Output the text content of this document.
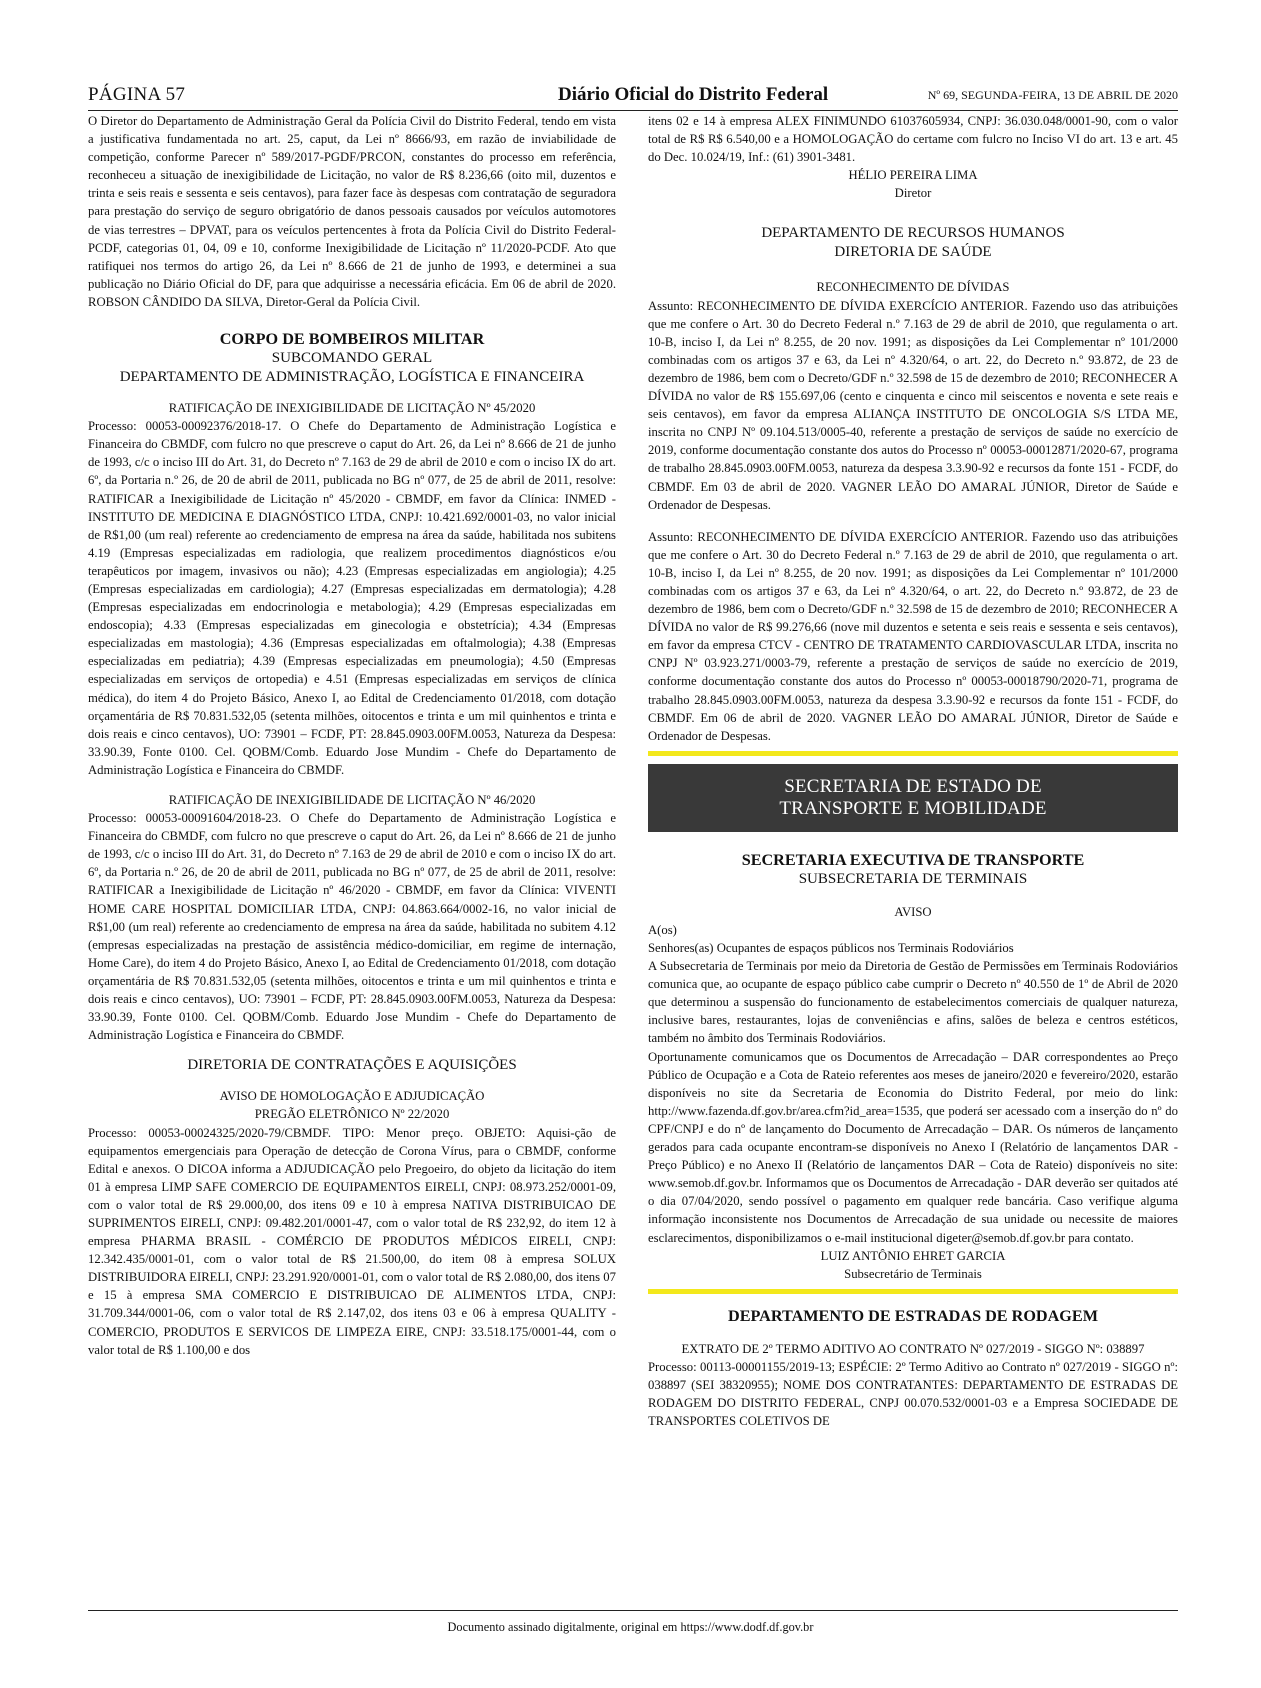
PÁGINA 57	Diário Oficial do Distrito Federal	Nº 69, SEGUNDA-FEIRA, 13 DE ABRIL DE 2020

O Diretor do Departamento de Administração Geral da Polícia Civil do Distrito Federal, tendo em vista a justificativa fundamentada no art. 25, caput, da Lei nº 8666/93, em razão de inviabilidade de competição, conforme Parecer nº 589/2017-PGDF/PRCON, constantes do processo em referência, reconheceu a situação de inexigibilidade de Licitação, no valor de R$ 8.236,66 (oito mil, duzentos e trinta e seis reais e sessenta e seis centavos), para fazer face às despesas com contratação de seguradora para prestação do serviço de seguro obrigatório de danos pessoais causados por veículos automotores de vias terrestres – DPVAT, para os veículos pertencentes à frota da Polícia Civil do Distrito Federal-PCDF, categorias 01, 04, 09 e 10, conforme Inexigibilidade de Licitação nº 11/2020-PCDF. Ato que ratifiquei nos termos do artigo 26, da Lei nº 8.666 de 21 de junho de 1993, e determinei a sua publicação no Diário Oficial do DF, para que adquirisse a necessária eficácia. Em 06 de abril de 2020. ROBSON CÂNDIDO DA SILVA, Diretor-Geral da Polícia Civil.

CORPO DE BOMBEIROS MILITAR
SUBCOMANDO GERAL
DEPARTAMENTO DE ADMINISTRAÇÃO, LOGÍSTICA E FINANCEIRA
RATIFICAÇÃO DE INEXIGIBILIDADE DE LICITAÇÃO Nº 45/2020

Processo: 00053-00092376/2018-17. O Chefe do Departamento de Administração Logística e Financeira do CBMDF, com fulcro no que prescreve o caput do Art. 26, da Lei nº 8.666 de 21 de junho de 1993, c/c o inciso III do Art. 31, do Decreto nº 7.163 de 29 de abril de 2010 e com o inciso IX do art. 6º, da Portaria n.º 26, de 20 de abril de 2011, publicada no BG nº 077, de 25 de abril de 2011, resolve: RATIFICAR a Inexigibilidade de Licitação nº 45/2020 - CBMDF, em favor da Clínica: INMED - INSTITUTO DE MEDICINA E DIAGNÓSTICO LTDA, CNPJ: 10.421.692/0001-03, no valor inicial de R$1,00 (um real) referente ao credenciamento de empresa na área da saúde, habilitada nos subitens 4.19 (Empresas especializadas em radiologia, que realizem procedimentos diagnósticos e/ou terapêuticos por imagem, invasivos ou não); 4.23 (Empresas especializadas em angiologia); 4.25 (Empresas especializadas em cardiologia); 4.27 (Empresas especializadas em dermatologia); 4.28 (Empresas especializadas em endocrinologia e metabologia); 4.29 (Empresas especializadas em endoscopia); 4.33 (Empresas especializadas em ginecologia e obstetrícia); 4.34 (Empresas especializadas em mastologia); 4.36 (Empresas especializadas em oftalmologia); 4.38 (Empresas especializadas em pediatria); 4.39 (Empresas especializadas em pneumologia); 4.50 (Empresas especializadas em serviços de ortopedia) e 4.51 (Empresas especializadas em serviços de clínica médica), do item 4 do Projeto Básico, Anexo I, ao Edital de Credenciamento 01/2018, com dotação orçamentária de R$ 70.831.532,05 (setenta milhões, oitocentos e trinta e um mil quinhentos e trinta e dois reais e cinco centavos), UO: 73901 – FCDF, PT: 28.845.0903.00FM.0053, Natureza da Despesa: 33.90.39, Fonte 0100. Cel. QOBM/Comb. Eduardo Jose Mundim - Chefe do Departamento de Administração Logística e Financeira do CBMDF.

RATIFICAÇÃO DE INEXIGIBILIDADE DE LICITAÇÃO Nº 46/2020

Processo: 00053-00091604/2018-23. O Chefe do Departamento de Administração Logística e Financeira do CBMDF, com fulcro no que prescreve o caput do Art. 26, da Lei nº 8.666 de 21 de junho de 1993, c/c o inciso III do Art. 31, do Decreto nº 7.163 de 29 de abril de 2010 e com o inciso IX do art. 6º, da Portaria n.º 26, de 20 de abril de 2011, publicada no BG nº 077, de 25 de abril de 2011, resolve: RATIFICAR a Inexigibilidade de Licitação nº 46/2020 - CBMDF, em favor da Clínica: VIVENTI HOME CARE HOSPITAL DOMICILIAR LTDA, CNPJ: 04.863.664/0002-16, no valor inicial de R$1,00 (um real) referente ao credenciamento de empresa na área da saúde, habilitada no subitem 4.12 (empresas especializadas na prestação de assistência médico-domiciliar, em regime de internação, Home Care), do item 4 do Projeto Básico, Anexo I, ao Edital de Credenciamento 01/2018, com dotação orçamentária de R$ 70.831.532,05 (setenta milhões, oitocentos e trinta e um mil quinhentos e trinta e dois reais e cinco centavos), UO: 73901 – FCDF, PT: 28.845.0903.00FM.0053, Natureza da Despesa: 33.90.39, Fonte 0100. Cel. QOBM/Comb. Eduardo Jose Mundim - Chefe do Departamento de Administração Logística e Financeira do CBMDF.

DIRETORIA DE CONTRATAÇÕES E AQUISIÇÕES
AVISO DE HOMOLOGAÇÃO E ADJUDICAÇÃO
PREGÃO ELETRÔNICO Nº 22/2020

Processo: 00053-00024325/2020-79/CBMDF. TIPO: Menor preço. OBJETO: Aquisi-ção de equipamentos emergenciais para Operação de detecção de Corona Vírus, para o CBMDF, conforme Edital e anexos. O DICOA informa a ADJUDICAÇÃO pelo Pregoeiro, do objeto da licitação do item 01 à empresa LIMP SAFE COMERCIO DE EQUIPAMENTOS EIRELI, CNPJ: 08.973.252/0001-09, com o valor total de R$ 29.000,00, dos itens 09 e 10 à empresa NATIVA DISTRIBUICAO DE SUPRIMENTOS EIRELI, CNPJ: 09.482.201/0001-47, com o valor total de R$ 232,92, do item 12 à empresa PHARMA BRASIL - COMÉRCIO DE PRODUTOS MÉDICOS EIRELI, CNPJ: 12.342.435/0001-01, com o valor total de R$ 21.500,00, do item 08 à empresa SOLUX DISTRIBUIDORA EIRELI, CNPJ: 23.291.920/0001-01, com o valor total de R$ 2.080,00, dos itens 07 e 15 à empresa SMA COMERCIO E DISTRIBUICAO DE ALIMENTOS LTDA, CNPJ: 31.709.344/0001-06, com o valor total de R$ 2.147,02, dos itens 03 e 06 à empresa QUALITY - COMERCIO, PRODUTOS E SERVICOS DE LIMPEZA EIRE, CNPJ: 33.518.175/0001-44, com o valor total de R$ 1.100,00 e dos

itens 02 e 14 à empresa ALEX FINIMUNDO 61037605934, CNPJ: 36.030.048/0001-90, com o valor total de R$ R$ 6.540,00 e a HOMOLOGAÇÃO do certame com fulcro no Inciso VI do art. 13 e art. 45 do Dec. 10.024/19, Inf.: (61) 3901-3481.

HÉLIO PEREIRA LIMA
Diretor
DEPARTAMENTO DE RECURSOS HUMANOS
DIRETORIA DE SAÚDE
RECONHECIMENTO DE DÍVIDAS

Assunto: RECONHECIMENTO DE DÍVIDA EXERCÍCIO ANTERIOR. Fazendo uso das atribuições que me confere o Art. 30 do Decreto Federal n.º 7.163 de 29 de abril de 2010, que regulamenta o art. 10-B, inciso I, da Lei nº 8.255, de 20 nov. 1991; as disposições da Lei Complementar nº 101/2000 combinadas com os artigos 37 e 63, da Lei nº 4.320/64, o art. 22, do Decreto n.º 93.872, de 23 de dezembro de 1986, bem com o Decreto/GDF n.º 32.598 de 15 de dezembro de 2010; RECONHECER A DÍVIDA no valor de R$ 155.697,06 (cento e cinquenta e cinco mil seiscentos e noventa e sete reais e seis centavos), em favor da empresa ALIANÇA INSTITUTO DE ONCOLOGIA S/S LTDA ME, inscrita no CNPJ Nº 09.104.513/0005-40, referente a prestação de serviços de saúde no exercício de 2019, conforme documentação constante dos autos do Processo nº 00053-00012871/2020-67, programa de trabalho 28.845.0903.00FM.0053, natureza da despesa 3.3.90-92 e recursos da fonte 151 - FCDF, do CBMDF. Em 03 de abril de 2020. VAGNER LEÃO DO AMARAL JÚNIOR, Diretor de Saúde e Ordenador de Despesas.

Assunto: RECONHECIMENTO DE DÍVIDA EXERCÍCIO ANTERIOR. Fazendo uso das atribuições que me confere o Art. 30 do Decreto Federal n.º 7.163 de 29 de abril de 2010, que regulamenta o art. 10-B, inciso I, da Lei nº 8.255, de 20 nov. 1991; as disposições da Lei Complementar nº 101/2000 combinadas com os artigos 37 e 63, da Lei nº 4.320/64, o art. 22, do Decreto n.º 93.872, de 23 de dezembro de 1986, bem com o Decreto/GDF n.º 32.598 de 15 de dezembro de 2010; RECONHECER A DÍVIDA no valor de R$ 99.276,66 (nove mil duzentos e setenta e seis reais e sessenta e seis centavos), em favor da empresa CTCV - CENTRO DE TRATAMENTO CARDIOVASCULAR LTDA, inscrita no CNPJ Nº 03.923.271/0003-79, referente a prestação de serviços de saúde no exercício de 2019, conforme documentação constante dos autos do Processo nº 00053-00018790/2020-71, programa de trabalho 28.845.0903.00FM.0053, natureza da despesa 3.3.90-92 e recursos da fonte 151 - FCDF, do CBMDF. Em 06 de abril de 2020. VAGNER LEÃO DO AMARAL JÚNIOR, Diretor de Saúde e Ordenador de Despesas.

SECRETARIA DE ESTADO DE
TRANSPORTE E MOBILIDADE
SECRETARIA EXECUTIVA DE TRANSPORTE
SUBSECRETARIA DE TERMINAIS
AVISO

A(os)

Senhores(as) Ocupantes de espaços públicos nos Terminais Rodoviários

A Subsecretaria de Terminais por meio da Diretoria de Gestão de Permissões em Terminais Rodoviários comunica que, ao ocupante de espaço público cabe cumprir o Decreto nº 40.550 de 1º de Abril de 2020 que determinou a suspensão do funcionamento de estabelecimentos comerciais de qualquer natureza, inclusive bares, restaurantes, lojas de conveniências e afins, salões de beleza e centros estéticos, também no âmbito dos Terminais Rodoviários.

Oportunamente comunicamos que os Documentos de Arrecadação – DAR correspondentes ao Preço Público de Ocupação e a Cota de Rateio referentes aos meses de janeiro/2020 e fevereiro/2020, estarão disponíveis no site da Secretaria de Economia do Distrito Federal, por meio do link: http://www.fazenda.df.gov.br/area.cfm?id_area=1535, que poderá ser acessado com a inserção do nº do CPF/CNPJ e do nº de lançamento do Documento de Arrecadação – DAR. Os números de lançamento gerados para cada ocupante encontram-se disponíveis no Anexo I (Relatório de lançamentos DAR - Preço Público) e no Anexo II (Relatório de lançamentos DAR – Cota de Rateio) disponíveis no site: www.semob.df.gov.br. Informamos que os Documentos de Arrecadação - DAR deverão ser quitados até o dia 07/04/2020, sendo possível o pagamento em qualquer rede bancária. Caso verifique alguma informação inconsistente nos Documentos de Arrecadação de sua unidade ou necessite de maiores esclarecimentos, disponibilizamos o e-mail institucional digeter@semob.df.gov.br para contato.

LUIZ ANTÔNIO EHRET GARCIA
Subsecretário de Terminais
DEPARTAMENTO DE ESTRADAS DE RODAGEM
EXTRATO DE 2º TERMO ADITIVO AO CONTRATO Nº 027/2019 - SIGGO Nº: 038897

Processo: 00113-00001155/2019-13; ESPÉCIE: 2º Termo Aditivo ao Contrato nº 027/2019 - SIGGO nº: 038897 (SEI 38320955); NOME DOS CONTRATANTES: DEPARTAMENTO DE ESTRADAS DE RODAGEM DO DISTRITO FEDERAL, CNPJ 00.070.532/0001-03 e a Empresa SOCIEDADE DE TRANSPORTES COLETIVOS DE

Documento assinado digitalmente, original em https://www.dodf.df.gov.br
